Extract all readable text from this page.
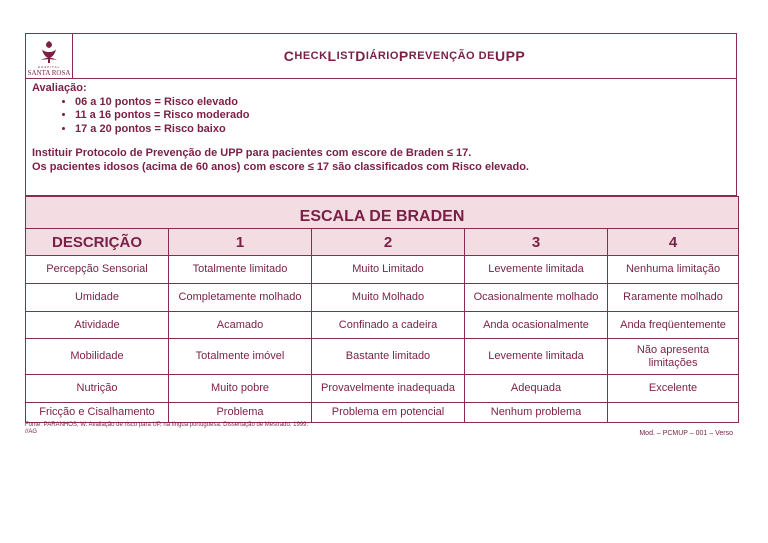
HOSPITAL
SANTA ROSA
C HECK L IST D IÁRIO P REVENÇÃO DE UPP
Avaliação:
• 06 a 10 pontos = Risco elevado
• 11 a 16 pontos = Risco moderado
• 17 a 20 pontos = Risco baixo
Instituir Protocolo de Prevenção de UPP para pacientes com escore de Braden ≤ 17.
Os pacientes idosos (acima de 60 anos) com escore ≤ 17 são classificados com Risco elevado.
ESCALA DE BRADEN				
DESCRIÇÃO	1	2	3	4
Percepção Sensorial	Totalmente limitado	Muito Limitado	Levemente limitada	Nenhuma limitação
Umidade	Completamente molhado	Muito Molhado	Ocasionalmente molhado	Raramente molhado
Atividade	Acamado	Confinado a cadeira	Anda ocasionalmente	Anda freqüentemente
Mobilidade	Totalmente imóvel	Bastante limitado	Levemente limitada	Não apresenta limitações
Nutrição	Muito pobre	Provavelmente inadequada	Adequada	Excelente
Fricção e Cisalhamento	Problema	Problema em potencial	Nenhum problema	
Fonte: PARANHOS, W. Avaliação de risco para UP, na língua portuguesa. Dissertação de Mestrado. 1999.
//AG	Mod. – PCMUP – 001 – Verso
